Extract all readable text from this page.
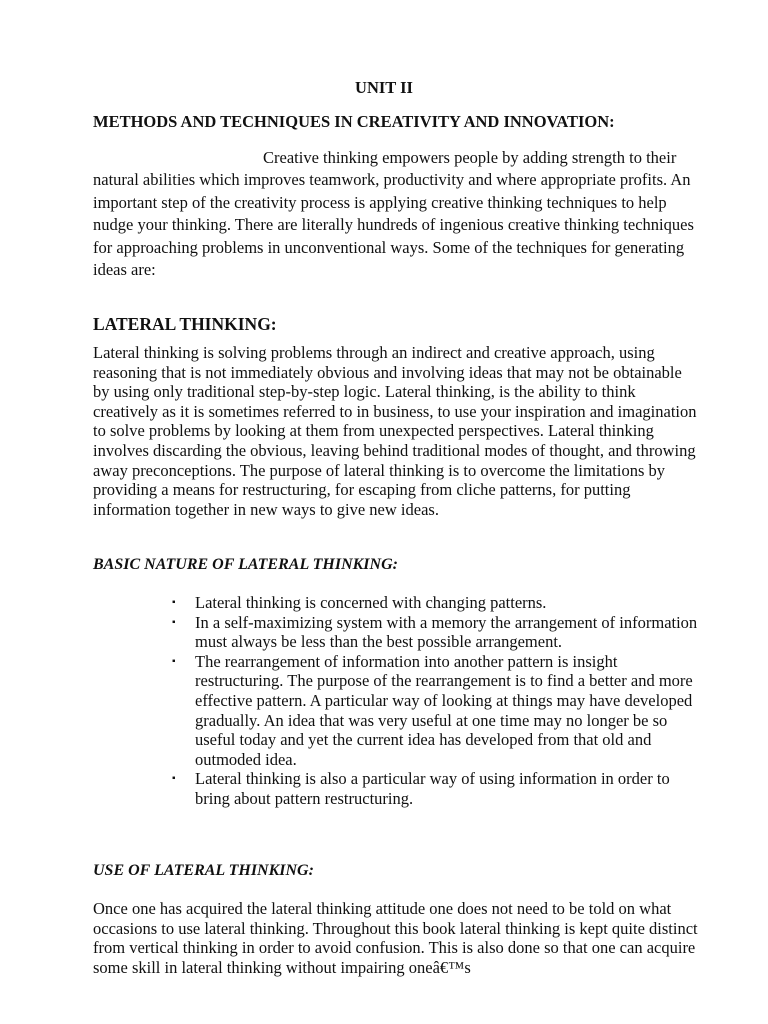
UNIT II
METHODS AND TECHNIQUES IN CREATIVITY AND INNOVATION:
Creative thinking empowers people by adding strength to their natural abilities which improves teamwork, productivity and where appropriate profits. An important step of the creativity process is applying creative thinking techniques to help nudge your thinking. There are literally hundreds of ingenious creative thinking techniques for approaching problems in unconventional ways. Some of the techniques for generating ideas are:
LATERAL THINKING:
Lateral thinking is solving problems through an indirect and creative approach, using reasoning that is not immediately obvious and involving ideas that may not be obtainable by using only traditional step-by-step logic. Lateral thinking, is the ability to think creatively as it is sometimes referred to in business, to use your inspiration and imagination to solve problems by looking at them from unexpected perspectives. Lateral thinking involves discarding the obvious, leaving behind traditional modes of thought, and throwing away preconceptions. The purpose of lateral thinking is to overcome the limitations by providing a means for restructuring, for escaping from cliche patterns, for putting information together in new ways to give new ideas.
BASIC NATURE OF LATERAL THINKING:
▪ Lateral thinking is concerned with changing patterns.
▪ In a self-maximizing system with a memory the arrangement of information must always be less than the best possible arrangement.
▪ The rearrangement of information into another pattern is insight restructuring. The purpose of the rearrangement is to find a better and more effective pattern. A particular way of looking at things may have developed gradually. An idea that was very useful at one time may no longer be so useful today and yet the current idea has developed from that old and outmoded idea.
▪ Lateral thinking is also a particular way of using information in order to bring about pattern restructuring.
USE OF LATERAL THINKING:
Once one has acquired the lateral thinking attitude one does not need to be told on what occasions to use lateral thinking. Throughout this book lateral thinking is kept quite distinct from vertical thinking in order to avoid confusion. This is also done so that one can acquire some skill in lateral thinking without impairing oneâ€™s
